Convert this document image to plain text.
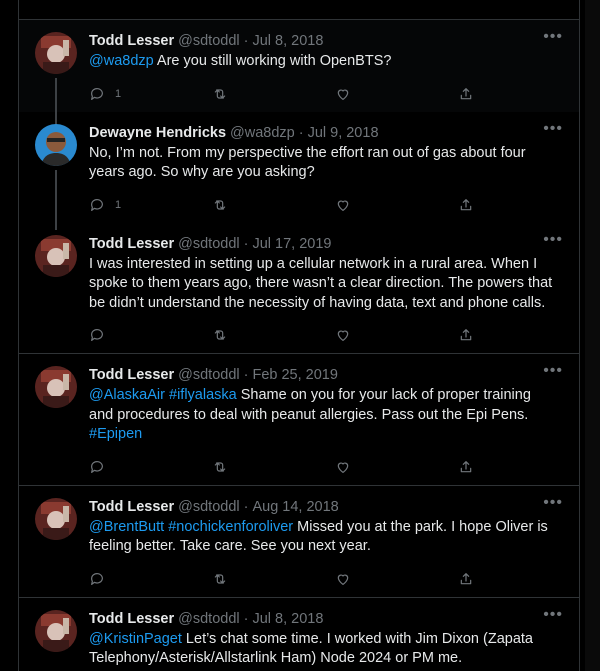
Todd Lesser @sdtoddl · Jul 8, 2018	•••
@wa8dzp Are you still working with OpenBTS?
1
Dewayne Hendricks @wa8dzp · Jul 9, 2018	•••
No, I’m not. From my perspective the effort ran out of gas about four years ago. So why are you asking?
1
Todd Lesser @sdtoddl · Jul 17, 2019	•••
I was interested in setting up a cellular network in a rural area. When I spoke to them years ago, there wasn’t a clear direction. The powers that be didn’t understand the necessity of having data, text and phone calls.
Todd Lesser @sdtoddl · Feb 25, 2019	•••
@AlaskaAir #iflyalaska Shame on you for your lack of proper training and procedures to deal with peanut allergies. Pass out the Epi Pens. #Epipen
Todd Lesser @sdtoddl · Aug 14, 2018	•••
@BrentButt #nochickenforoliver Missed you at the park. I hope Oliver is feeling better. Take care. See you next year.
Todd Lesser @sdtoddl · Jul 8, 2018	•••
@KristinPaget Let’s chat some time. I worked with Jim Dixon (Zapata Telephony/Asterisk/Allstarlink Ham) Node 2024 or PM me.
